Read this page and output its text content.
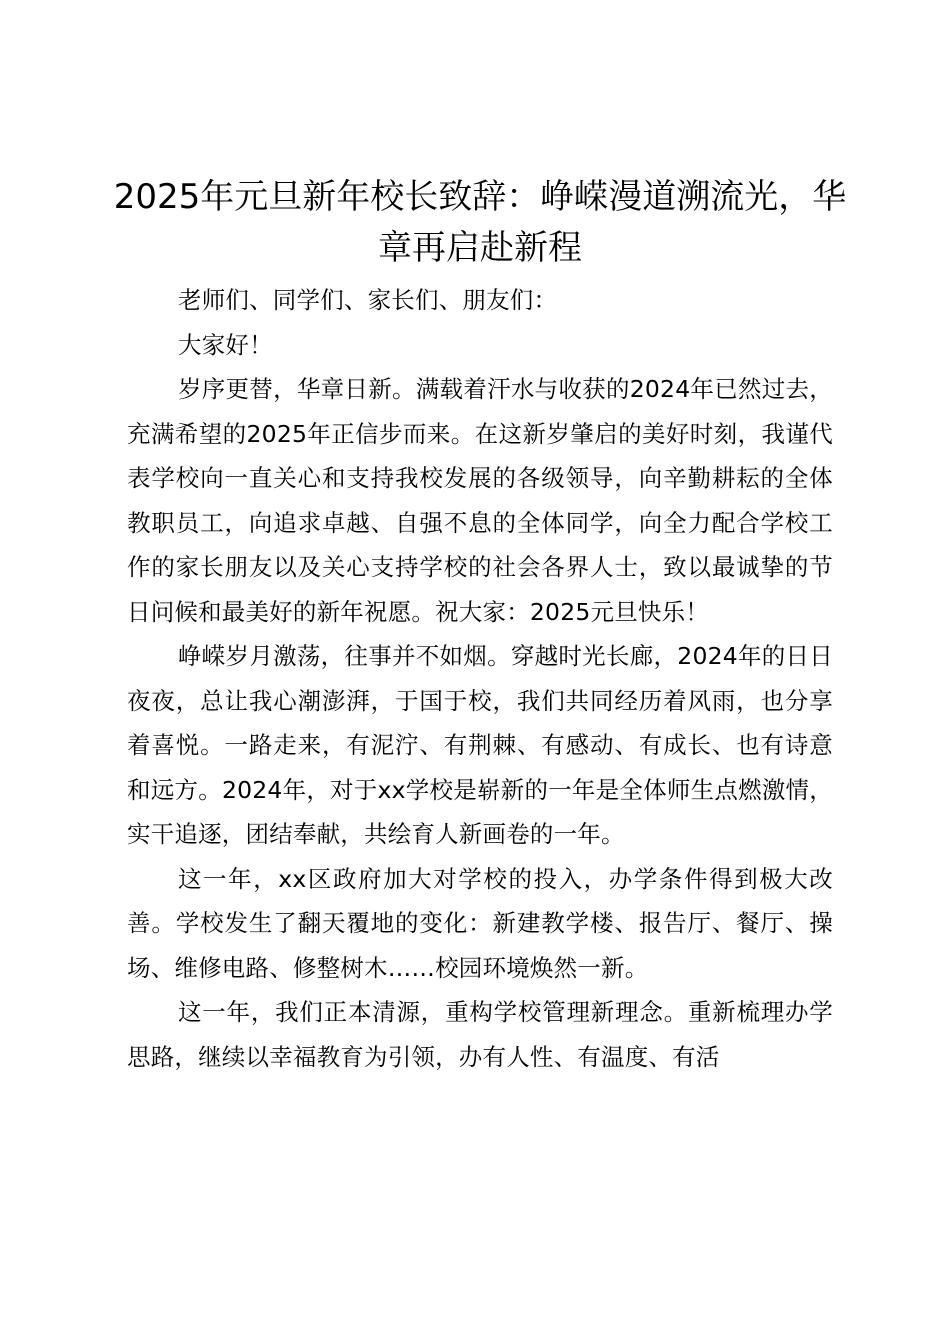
2025年元旦新年校长致辞：峥嵘漫道溯流光，华章再启赴新程

老师们、同学们、家长们、朋友们：

大家好！

岁序更替，华章日新。满载着汗水与收获的2024年已然过去，充满希望的2025年正信步而来。在这新岁肇启的美好时刻，我谨代表学校向一直关心和支持我校发展的各级领导，向辛勤耕耘的全体教职员工，向追求卓越、自强不息的全体同学，向全力配合学校工作的家长朋友以及关心支持学校的社会各界人士，致以最诚挚的节日问候和最美好的新年祝愿。祝大家：2025元旦快乐！

峥嵘岁月激荡，往事并不如烟。穿越时光长廊，2024年的日日夜夜，总让我心潮澎湃，于国于校，我们共同经历着风雨，也分享着喜悦。一路走来，有泥泞、有荆棘、有感动、有成长、也有诗意和远方。2024年，对于xx学校是崭新的一年是全体师生点燃激情，实干追逐，团结奉献，共绘育人新画卷的一年。

这一年，xx区政府加大对学校的投入，办学条件得到极大改善。学校发生了翻天覆地的变化：新建教学楼、报告厅、餐厅、操场、维修电路、修整树木……校园环境焕然一新。

这一年，我们正本清源，重构学校管理新理念。重新梳理办学思路，继续以幸福教育为引领，办有人性、有温度、有活
